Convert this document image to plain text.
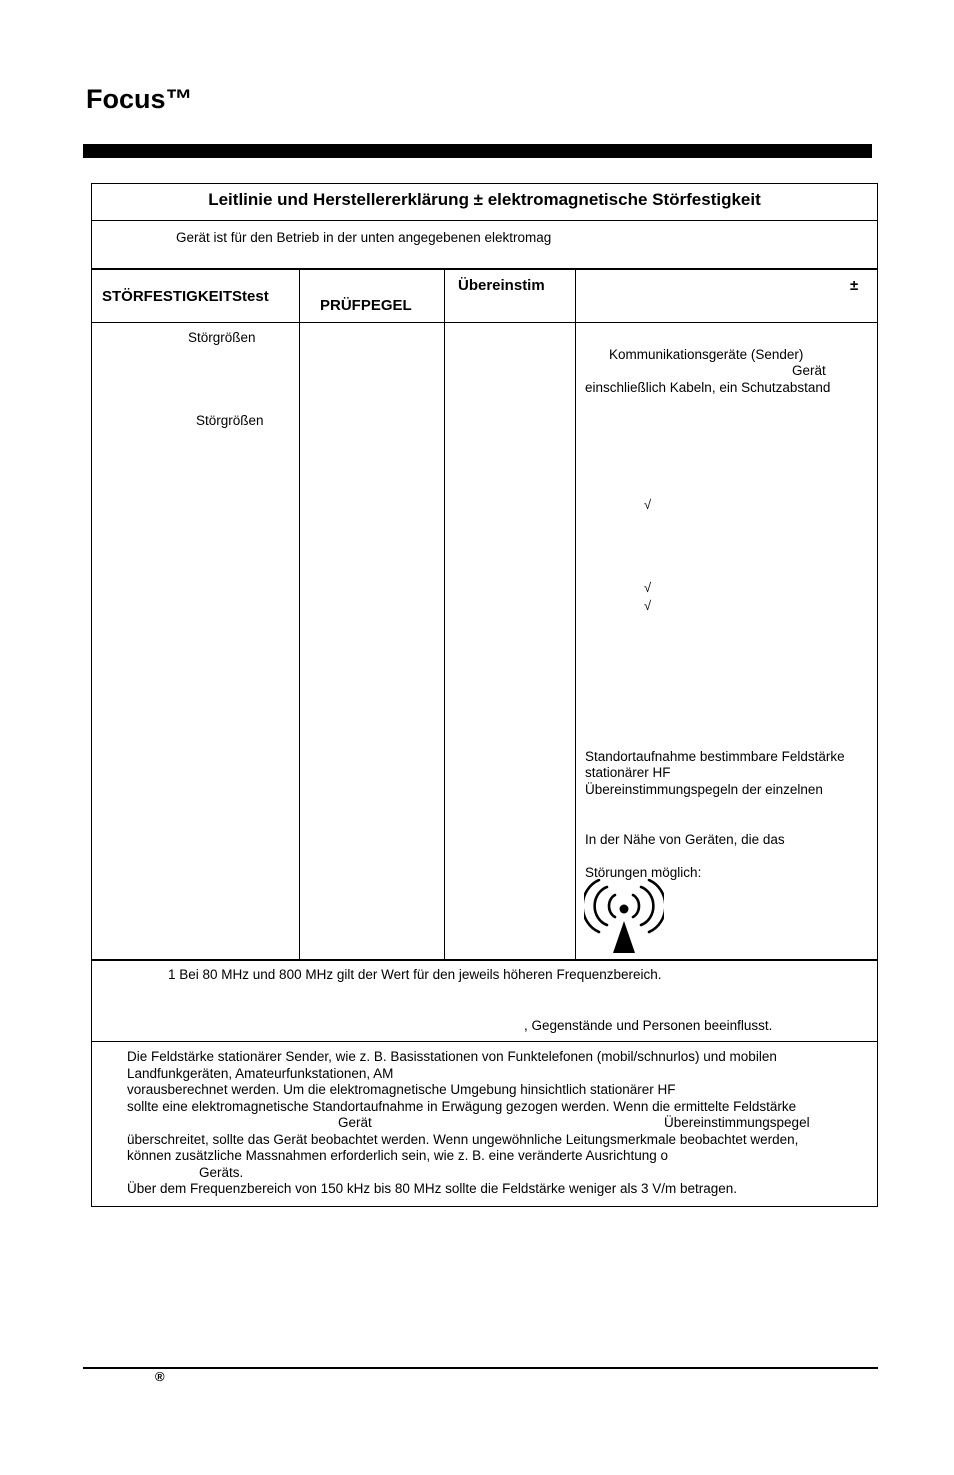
Focus™
Leitlinie und Herstellererklärung ± elektromagnetische Störfestigkeit
Gerät ist für den Betrieb in der unten angegebenen elektromag
STÖRFESTIGKEITStest
PRÜFPEGEL
Übereinstim	±
Störgrößen
Störgrößen
Kommunikationsgeräte (Sender)
Gerät
einschließlich Kabeln, ein Schutzabstand
√
√
√
Standortaufnahme bestimmbare Feldstärke
stationärer HF
Übereinstimmungspegeln der einzelnen
In der Nähe von Geräten, die das
Störungen möglich:
1 Bei 80 MHz und 800 MHz gilt der Wert für den jeweils höheren Frequenzbereich.
, Gegenstände und Personen beeinflusst.
Die Feldstärke stationärer Sender, wie z. B. Basisstationen von Funktelefonen (mobil/schnurlos) und mobilen
Landfunkgeräten, Amateurfunkstationen, AM
vorausberechnet werden. Um die elektromagnetische Umgebung hinsichtlich stationärer HF
sollte eine elektromagnetische Standortaufnahme in Erwägung gezogen werden. Wenn die ermittelte Feldstärke
Gerät	Übereinstimmungspegel
überschreitet, sollte das Gerät beobachtet werden. Wenn ungewöhnliche Leitungsmerkmale beobachtet werden,
können zusätzliche Massnahmen erforderlich sein, wie z. B. eine veränderte Ausrichtung o
Geräts.
Über dem Frequenzbereich von 150 kHz bis 80 MHz sollte die Feldstärke weniger als 3 V/m betragen.
®
